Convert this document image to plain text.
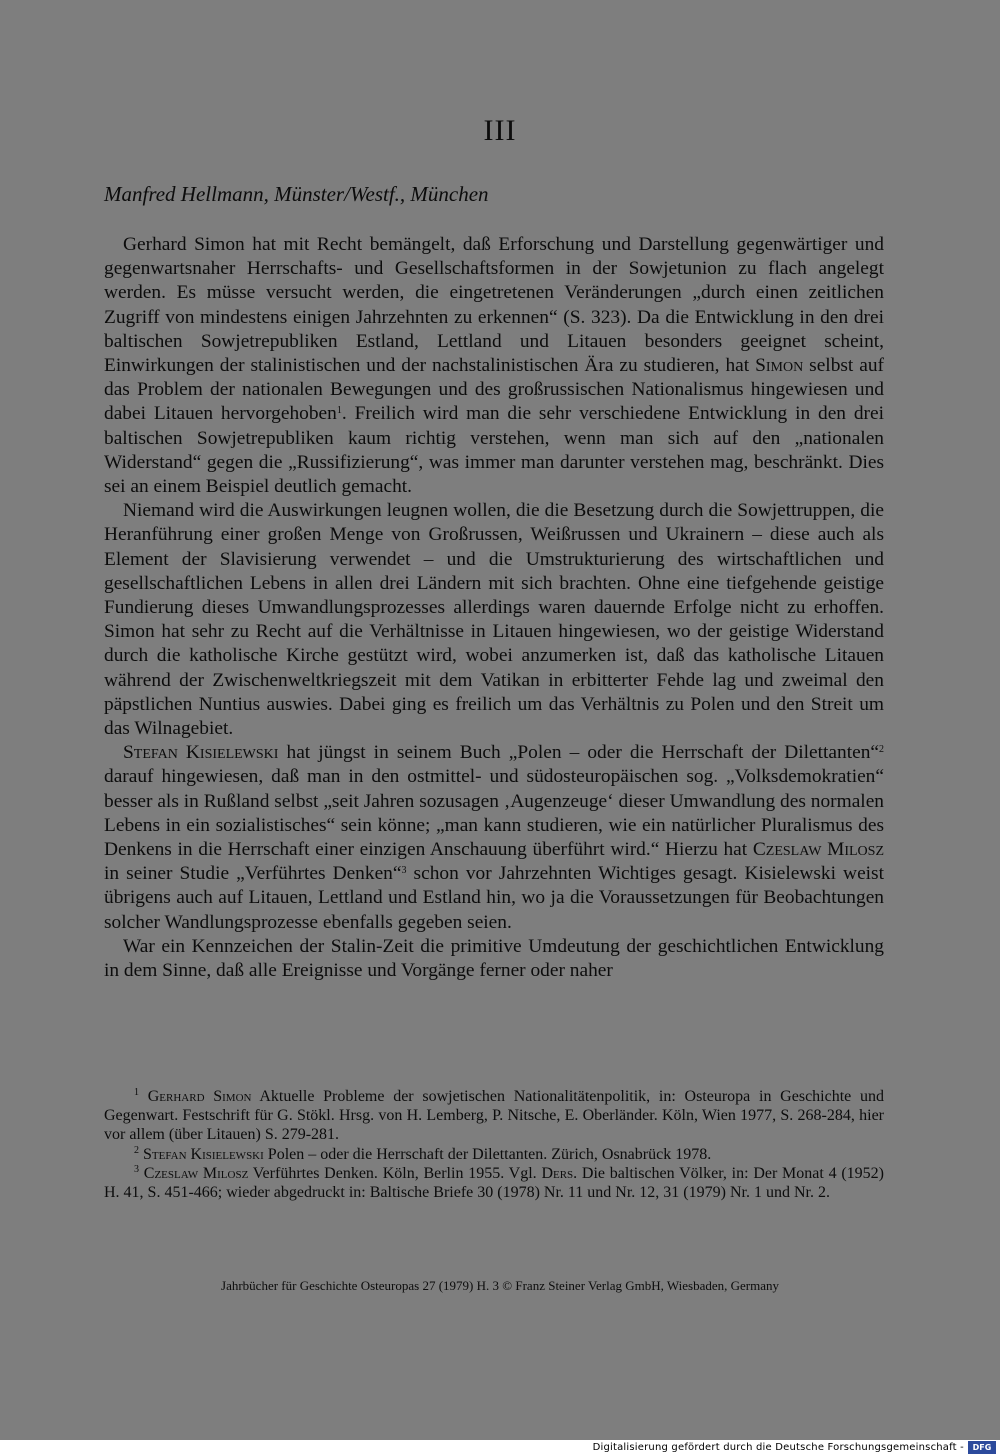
III
Manfred Hellmann, Münster/Westf., München

Gerhard Simon hat mit Recht bemängelt, daß Erforschung und Darstellung gegenwärtiger und gegenwartsnaher Herrschafts- und Gesellschaftsformen in der Sowjetunion zu flach angelegt werden. Es müsse versucht werden, die eingetretenen Veränderungen „durch einen zeitlichen Zugriff von mindestens einigen Jahrzehnten zu erkennen“ (S. 323). Da die Entwicklung in den drei baltischen Sowjetrepubliken Estland, Lettland und Litauen besonders geeignet scheint, Einwirkungen der stalinistischen und der nachstalinistischen Ära zu studieren, hat Simon selbst auf das Problem der nationalen Bewegungen und des großrussischen Nationalismus hingewiesen und dabei Litauen hervorgehoben$^1$. Freilich wird man die sehr verschiedene Entwicklung in den drei baltischen Sowjetrepubliken kaum richtig verstehen, wenn man sich auf den „nationalen Widerstand“ gegen die „Russifizierung“, was immer man darunter verstehen mag, beschränkt. Dies sei an einem Beispiel deutlich gemacht.

Niemand wird die Auswirkungen leugnen wollen, die die Besetzung durch die Sowjettruppen, die Heranführung einer großen Menge von Großrussen, Weißrussen und Ukrainern – diese auch als Element der Slavisierung verwendet – und die Umstrukturierung des wirtschaftlichen und gesellschaftlichen Lebens in allen drei Ländern mit sich brachten. Ohne eine tiefgehende geistige Fundierung dieses Umwandlungsprozesses allerdings waren dauernde Erfolge nicht zu erhoffen. Simon hat sehr zu Recht auf die Verhältnisse in Litauen hingewiesen, wo der geistige Widerstand durch die katholische Kirche gestützt wird, wobei anzumerken ist, daß das katholische Litauen während der Zwischenweltkriegszeit mit dem Vatikan in erbitterter Fehde lag und zweimal den päpstlichen Nuntius auswies. Dabei ging es freilich um das Verhältnis zu Polen und den Streit um das Wilnagebiet.

Stefan Kisielewski hat jüngst in seinem Buch „Polen – oder die Herrschaft der Dilettanten“$^2$ darauf hingewiesen, daß man in den ostmittel- und südosteuropäischen sog. „Volksdemokratien“ besser als in Rußland selbst „seit Jahren sozusagen ‚Augenzeuge‘ dieser Umwandlung des normalen Lebens in ein sozialistisches“ sein könne; „man kann studieren, wie ein natürlicher Pluralismus des Denkens in die Herrschaft einer einzigen Anschauung überführt wird.“ Hierzu hat Czeslaw Milosz in seiner Studie „Verführtes Denken“$^3$ schon vor Jahrzehnten Wichtiges gesagt. Kisielewski weist übrigens auch auf Litauen, Lettland und Estland hin, wo ja die Voraussetzungen für Beobachtungen solcher Wandlungsprozesse ebenfalls gegeben seien.

War ein Kennzeichen der Stalin-Zeit die primitive Umdeutung der geschichtlichen Entwicklung in dem Sinne, daß alle Ereignisse und Vorgänge ferner oder naher

$^1$ Gerhard Simon Aktuelle Probleme der sowjetischen Nationalitätenpolitik, in: Osteuropa in Geschichte und Gegenwart. Festschrift für G. Stökl. Hrsg. von H. Lemberg, P. Nitsche, E. Oberländer. Köln, Wien 1977, S. 268-284, hier vor allem (über Litauen) S. 279-281.

$^2$ Stefan Kisielewski Polen – oder die Herrschaft der Dilettanten. Zürich, Osnabrück 1978.

$^3$ Czeslaw Milosz Verführtes Denken. Köln, Berlin 1955. Vgl. Ders. Die baltischen Völker, in: Der Monat 4 (1952) H. 41, S. 451-466; wieder abgedruckt in: Baltische Briefe 30 (1978) Nr. 11 und Nr. 12, 31 (1979) Nr. 1 und Nr. 2.

Jahrbücher für Geschichte Osteuropas 27 (1979) H. 3 © Franz Steiner Verlag GmbH, Wiesbaden, Germany
Digitalisierung gefördert durch die Deutsche Forschungsgemeinschaft -	DFG
